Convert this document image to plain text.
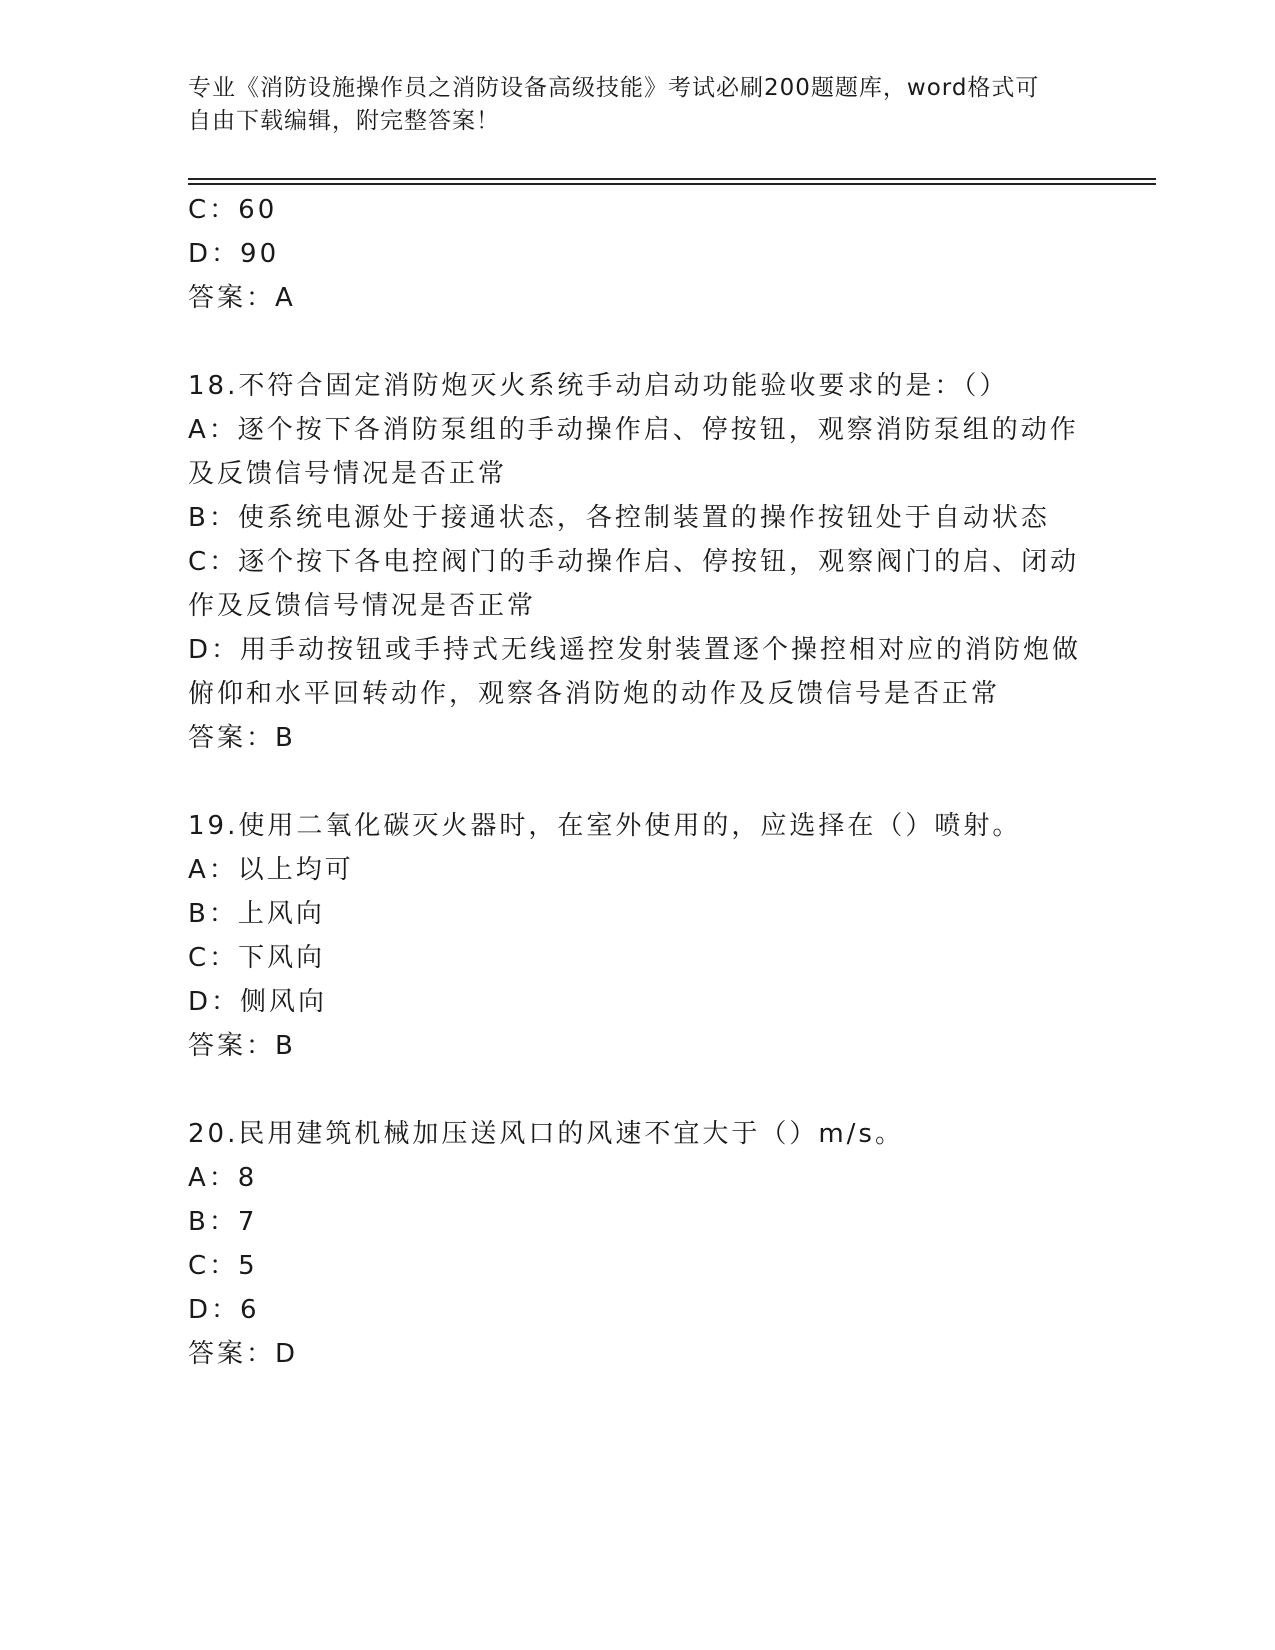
专业《消防设施操作员之消防设备高级技能》考试必刷200题题库，word格式可
自由下载编辑，附完整答案！
C：60
D：90
答案：A
18.不符合固定消防炮灭火系统手动启动功能验收要求的是：（）
A：逐个按下各消防泵组的手动操作启、停按钮，观察消防泵组的动作
及反馈信号情况是否正常
B：使系统电源处于接通状态，各控制装置的操作按钮处于自动状态
C：逐个按下各电控阀门的手动操作启、停按钮，观察阀门的启、闭动
作及反馈信号情况是否正常
D：用手动按钮或手持式无线遥控发射装置逐个操控相对应的消防炮做
俯仰和水平回转动作，观察各消防炮的动作及反馈信号是否正常
答案：B
19.使用二氧化碳灭火器时，在室外使用的，应选择在（）喷射。
A：以上均可
B：上风向
C：下风向
D：侧风向
答案：B
20.民用建筑机械加压送风口的风速不宜大于（）m/s。
A：8
B：7
C：5
D：6
答案：D
